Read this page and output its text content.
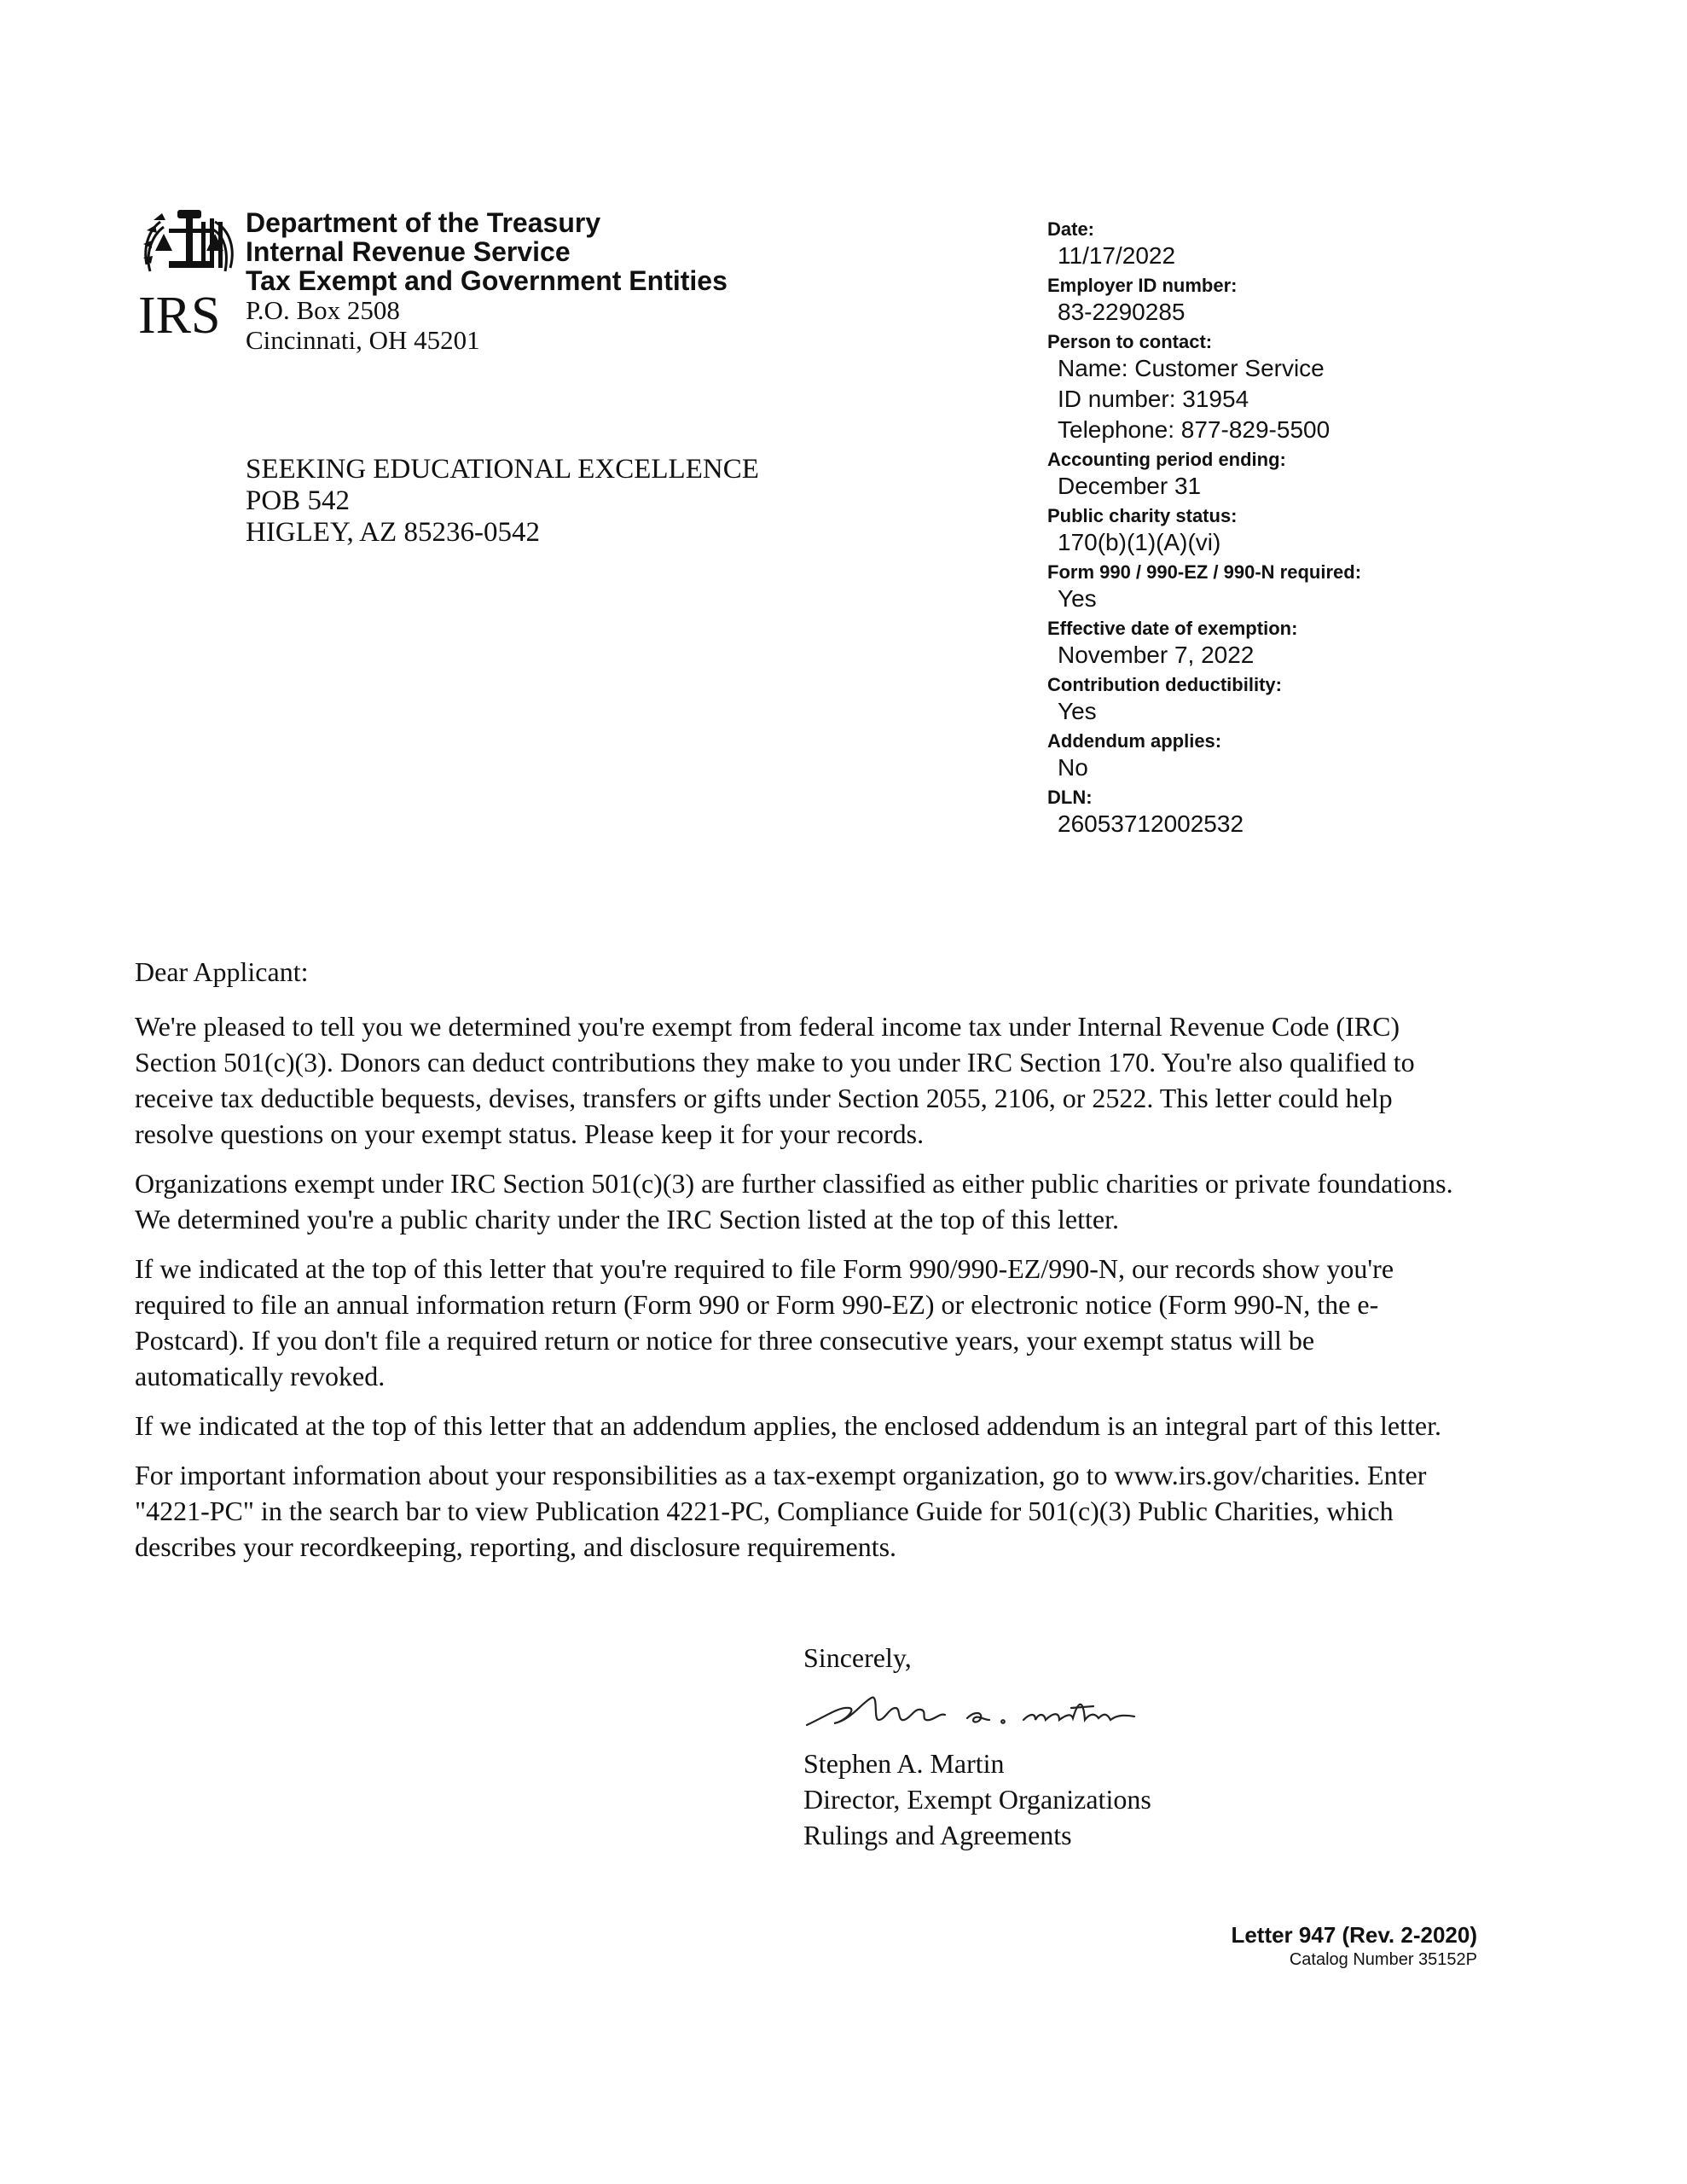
IRS
Department of the Treasury
Internal Revenue Service
Tax Exempt and Government Entities
P.O. Box 2508
Cincinnati, OH 45201
SEEKING EDUCATIONAL EXCELLENCE
POB 542
HIGLEY, AZ 85236-0542
Date:
11/17/2022
Employer ID number:
83-2290285
Person to contact:
Name: Customer Service
ID number: 31954
Telephone: 877-829-5500
Accounting period ending:
December 31
Public charity status:
170(b)(1)(A)(vi)
Form 990 / 990-EZ / 990-N required:
Yes
Effective date of exemption:
November 7, 2022
Contribution deductibility:
Yes
Addendum applies:
No
DLN:
26053712002532

Dear Applicant:

We're pleased to tell you we determined you're exempt from federal income tax under Internal Revenue Code (IRC) Section 501(c)(3). Donors can deduct contributions they make to you under IRC Section 170. You're also qualified to receive tax deductible bequests, devises, transfers or gifts under Section 2055, 2106, or 2522. This letter could help resolve questions on your exempt status. Please keep it for your records.

Organizations exempt under IRC Section 501(c)(3) are further classified as either public charities or private foundations. We determined you're a public charity under the IRC Section listed at the top of this letter.

If we indicated at the top of this letter that you're required to file Form 990/990-EZ/990-N, our records show you're required to file an annual information return (Form 990 or Form 990-EZ) or electronic notice (Form 990-N, the e-Postcard). If you don't file a required return or notice for three consecutive years, your exempt status will be automatically revoked.

If we indicated at the top of this letter that an addendum applies, the enclosed addendum is an integral part of this letter.

For important information about your responsibilities as a tax-exempt organization, go to www.irs.gov/charities. Enter "4221-PC" in the search bar to view Publication 4221-PC, Compliance Guide for 501(c)(3) Public Charities, which describes your recordkeeping, reporting, and disclosure requirements.

Sincerely,
Stephen A. Martin
Director, Exempt Organizations
Rulings and Agreements
Letter 947 (Rev. 2-2020)
Catalog Number 35152P
